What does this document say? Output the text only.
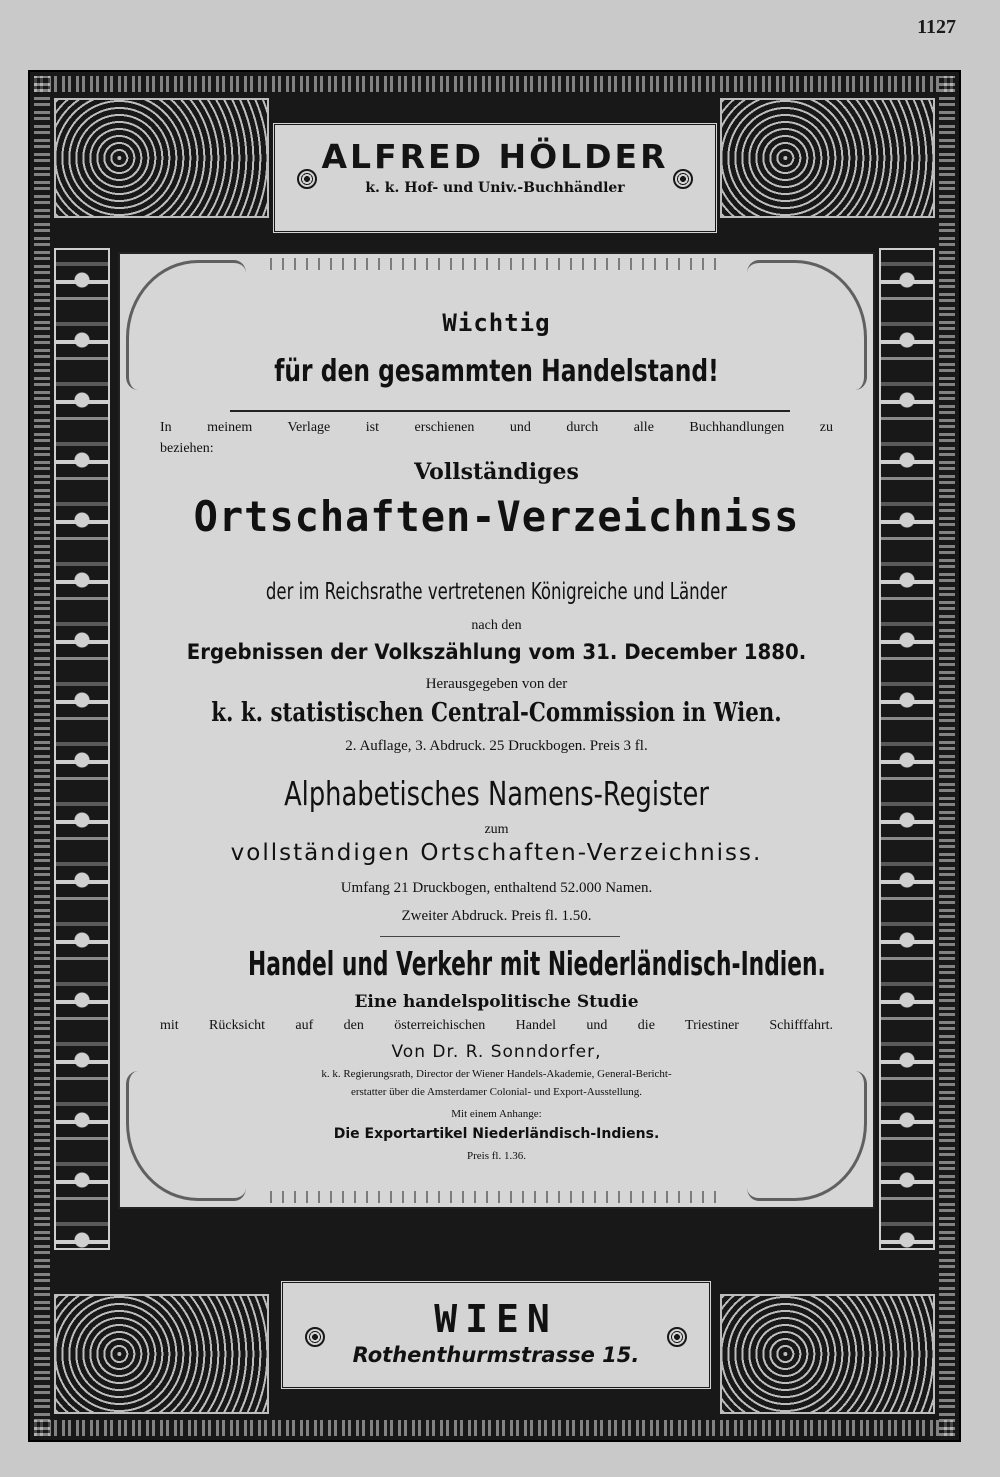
1127
ALFRED HÖLDER
k. k. Hof- und Univ.-Buchhändler
WIEN
Rothenthurmstrasse 15.
Wichtig
für den gesammten Handelstand!
In meinem Verlage ist erschienen und durch alle Buchhandlungen zu
beziehen:
Vollständiges
Ortschaften-Verzeichniss
der im Reichsrathe vertretenen Königreiche und Länder
nach den
Ergebnissen der Volkszählung vom 31. December 1880.
Herausgegeben von der
k. k. statistischen Central-Commission in Wien.
2. Auflage, 3. Abdruck. 25 Druckbogen. Preis 3 fl.
Alphabetisches Namens-Register
zum
vollständigen Ortschaften-Verzeichniss.
Umfang 21 Druckbogen, enthaltend 52.000 Namen.
Zweiter Abdruck. Preis fl. 1.50.
Handel und Verkehr mit Niederländisch-Indien.
Eine handelspolitische Studie
mit Rücksicht auf den österreichischen Handel und die Triestiner Schifffahrt.
Von Dr. R. Sonndorfer,
k. k. Regierungsrath, Director der Wiener Handels-Akademie, General-Bericht-
erstatter über die Amsterdamer Colonial- und Export-Ausstellung.
Mit einem Anhange:
Die Exportartikel Niederländisch-Indiens.
Preis fl. 1.36.
